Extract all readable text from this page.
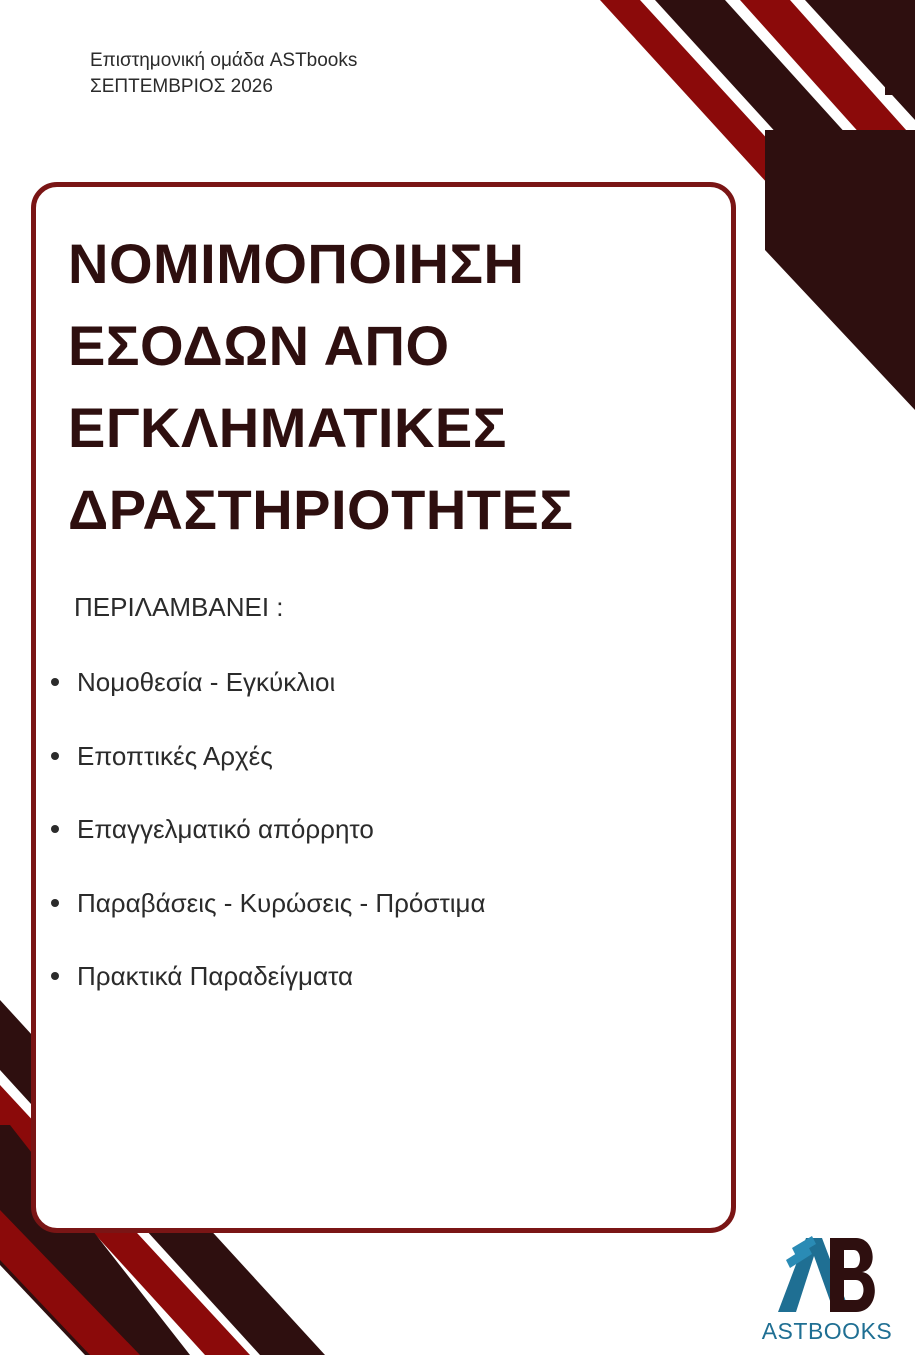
Επιστημονική ομάδα ASTbooks
ΣΕΠΤΕΜΒΡΙΟΣ 2026
ΝΟΜΙΜΟΠΟΙΗΣΗ
ΕΣΟΔΩΝ ΑΠΟ
ΕΓΚΛΗΜΑΤΙΚΕΣ
ΔΡΑΣΤΗΡΙΟΤΗΤΕΣ
ΠΕΡΙΛΑΜΒΑΝΕΙ :
Νομοθεσία - Εγκύκλιοι
Εποπτικές Αρχές
Επαγγελματικό απόρρητο
Παραβάσεις - Κυρώσεις - Πρόστιμα
Πρακτικά Παραδείγματα
ASTBOOKS
